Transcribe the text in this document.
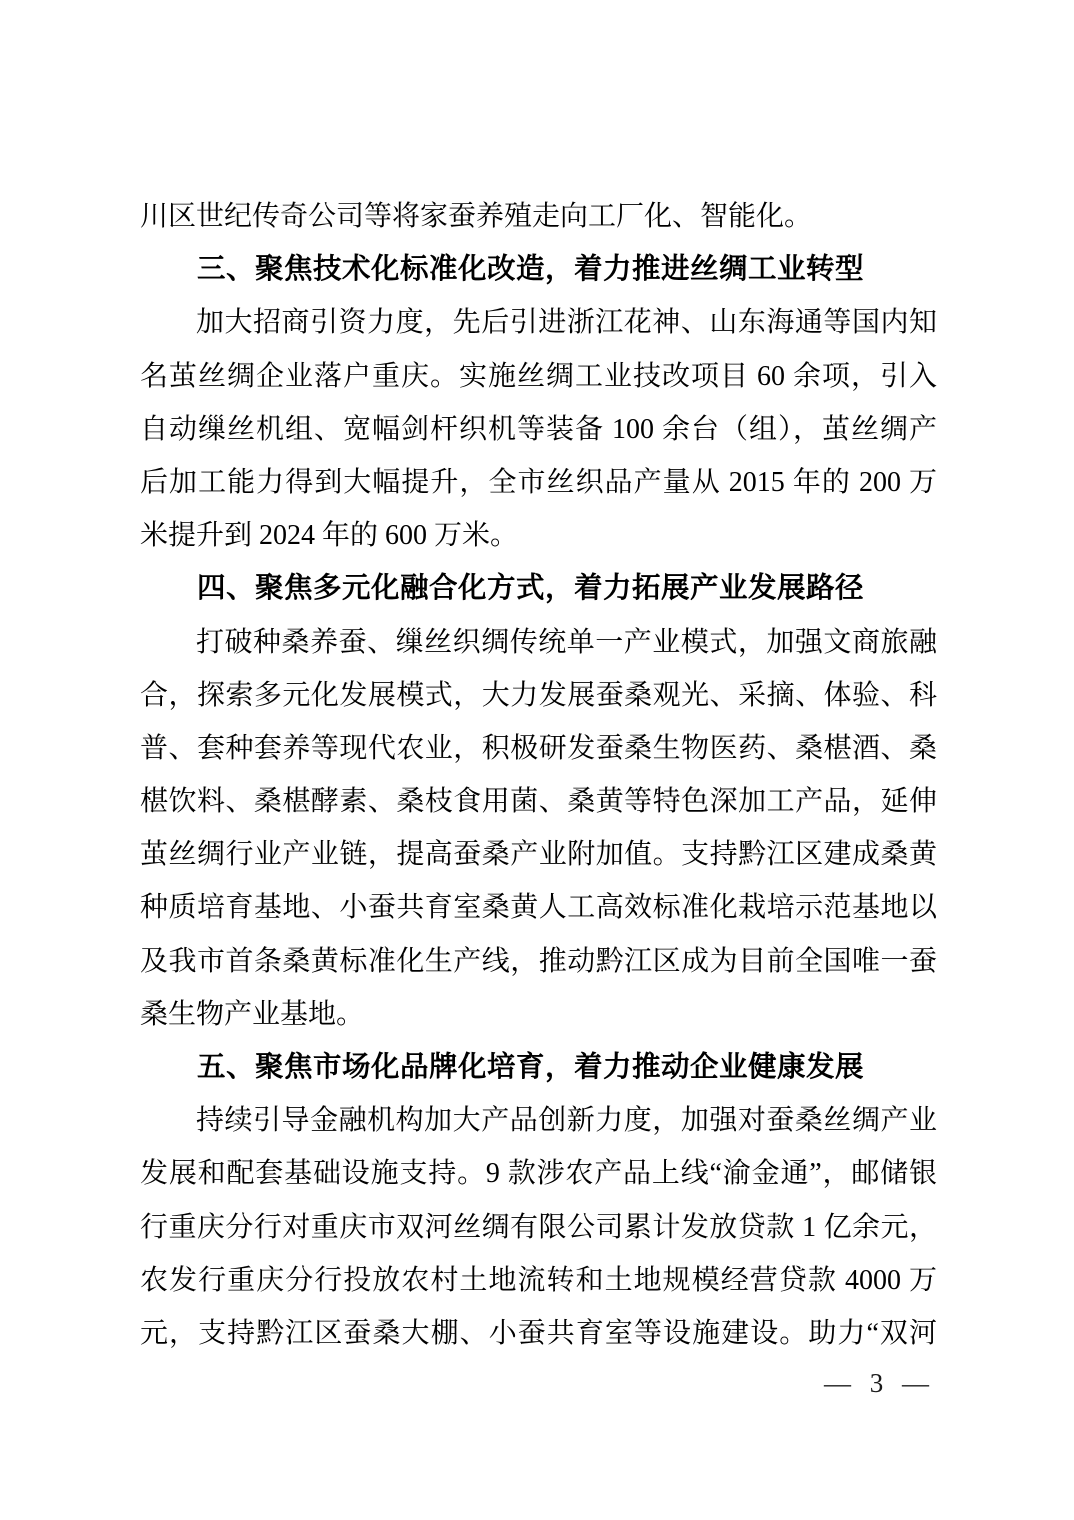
川区世纪传奇公司等将家蚕养殖走向工厂化、智能化。
三、聚焦技术化标准化改造，着力推进丝绸工业转型
加大招商引资力度，先后引进浙江花神、山东海通等国内知
名茧丝绸企业落户重庆。实施丝绸工业技改项目 60 余项，引入
自动缫丝机组、宽幅剑杆织机等装备 100 余台（组），茧丝绸产
后加工能力得到大幅提升，全市丝织品产量从 2015 年的 200 万
米提升到 2024 年的 600 万米。
四、聚焦多元化融合化方式，着力拓展产业发展路径
打破种桑养蚕、缫丝织绸传统单一产业模式，加强文商旅融
合，探索多元化发展模式，大力发展蚕桑观光、采摘、体验、科
普、套种套养等现代农业，积极研发蚕桑生物医药、桑椹酒、桑
椹饮料、桑椹酵素、桑枝食用菌、桑黄等特色深加工产品，延伸
茧丝绸行业产业链，提高蚕桑产业附加值。支持黔江区建成桑黄
种质培育基地、小蚕共育室桑黄人工高效标准化栽培示范基地以
及我市首条桑黄标准化生产线，推动黔江区成为目前全国唯一蚕
桑生物产业基地。
五、聚焦市场化品牌化培育，着力推动企业健康发展
持续引导金融机构加大产品创新力度，加强对蚕桑丝绸产业
发展和配套基础设施支持。9 款涉农产品上线“渝金通”，邮储银
行重庆分行对重庆市双河丝绸有限公司累计发放贷款 1 亿余元，
农发行重庆分行投放农村土地流转和土地规模经营贷款 4000 万
元，支持黔江区蚕桑大棚、小蚕共育室等设施建设。助力“双河
— 3 —
